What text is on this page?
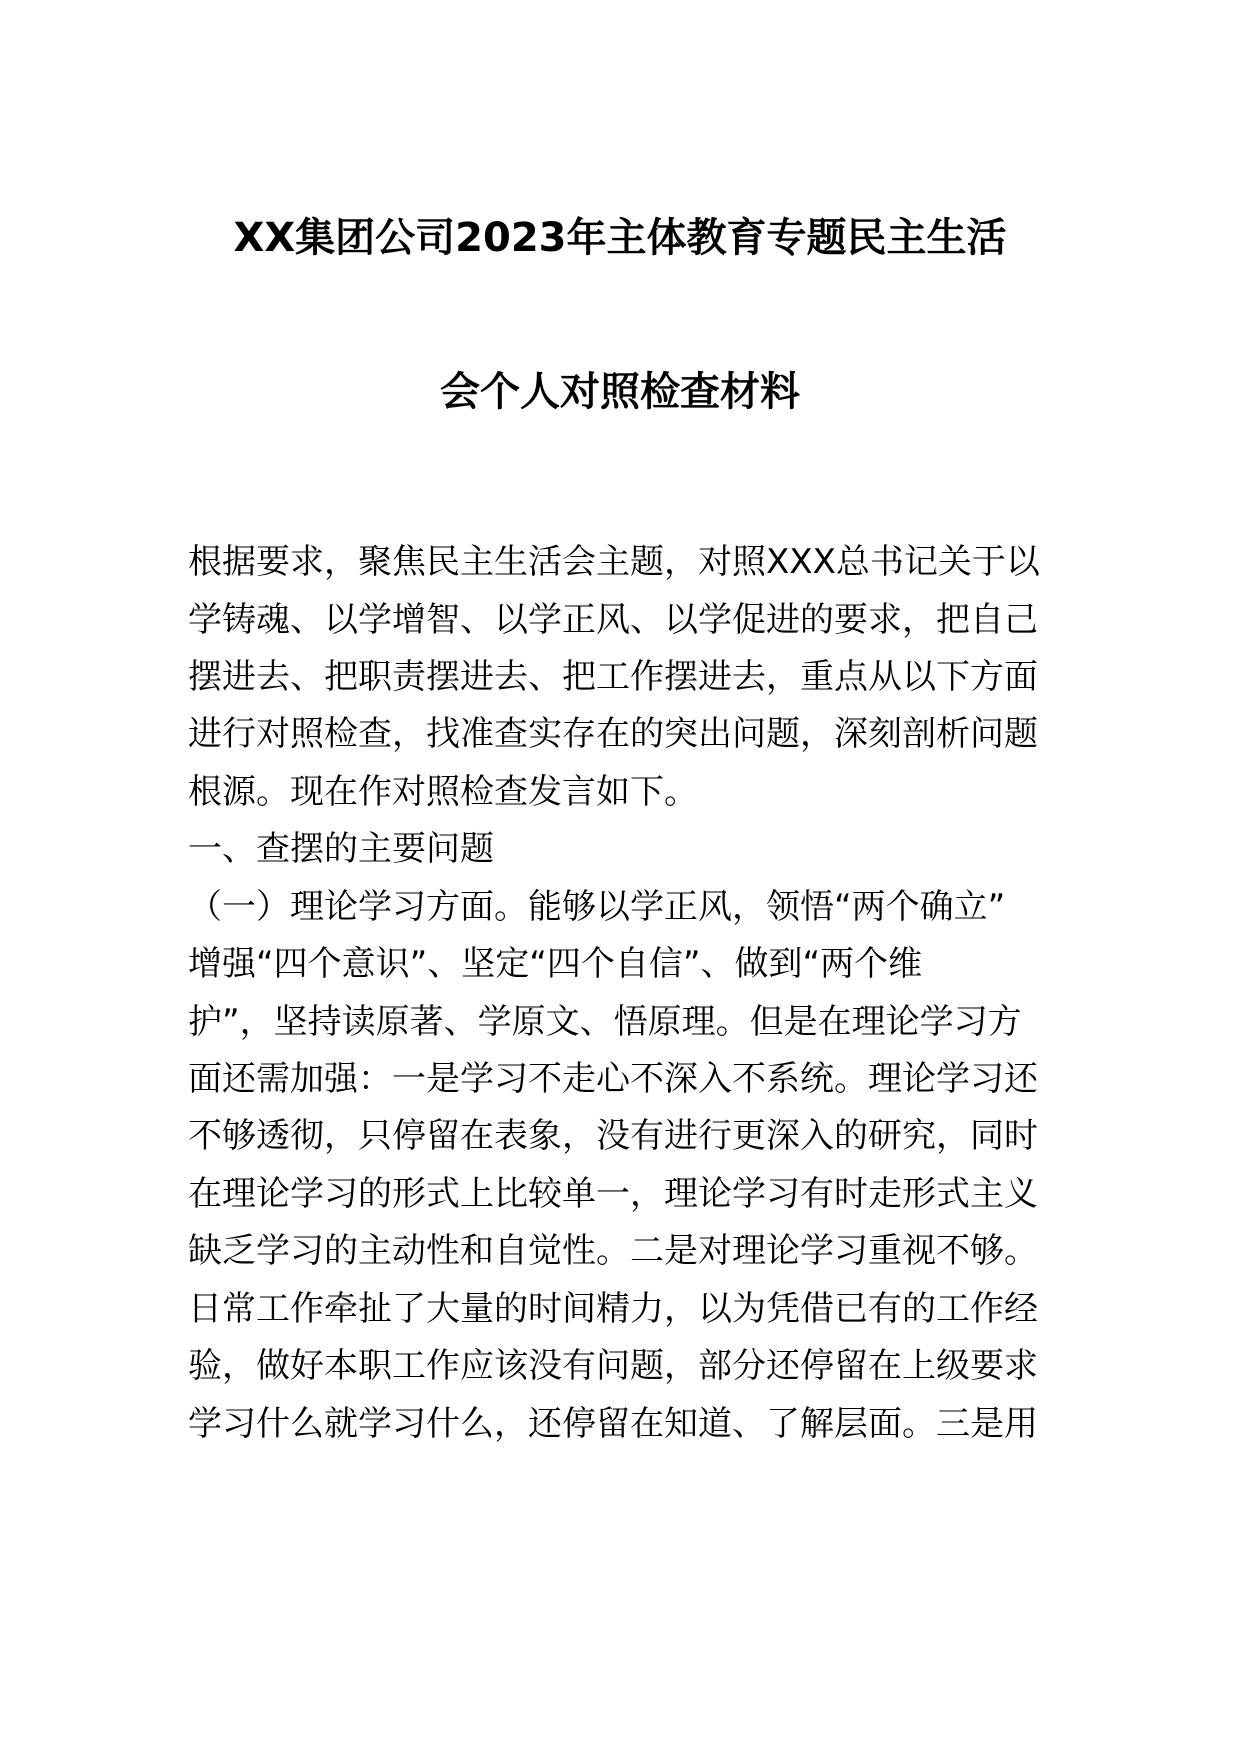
XX集团公司2023年主体教育专题民主生活
会个人对照检查材料
根据要求，聚焦民主生活会主题，对照XXX总书记关于以
学铸魂、以学增智、以学正风、以学促进的要求，把自己
摆进去、把职责摆进去、把工作摆进去，重点从以下方面
进行对照检查，找准查实存在的突出问题，深刻剖析问题
根源。现在作对照检查发言如下。
一、查摆的主要问题
（一）理论学习方面。能够以学正风，领悟“两个确立”
增强“四个意识”、坚定“四个自信”、做到“两个维
护”，坚持读原著、学原文、悟原理。但是在理论学习方
面还需加强：一是学习不走心不深入不系统。理论学习还
不够透彻，只停留在表象，没有进行更深入的研究，同时
在理论学习的形式上比较单一，理论学习有时走形式主义
缺乏学习的主动性和自觉性。二是对理论学习重视不够。
日常工作牵扯了大量的时间精力，以为凭借已有的工作经
验，做好本职工作应该没有问题，部分还停留在上级要求
学习什么就学习什么，还停留在知道、了解层面。三是用
